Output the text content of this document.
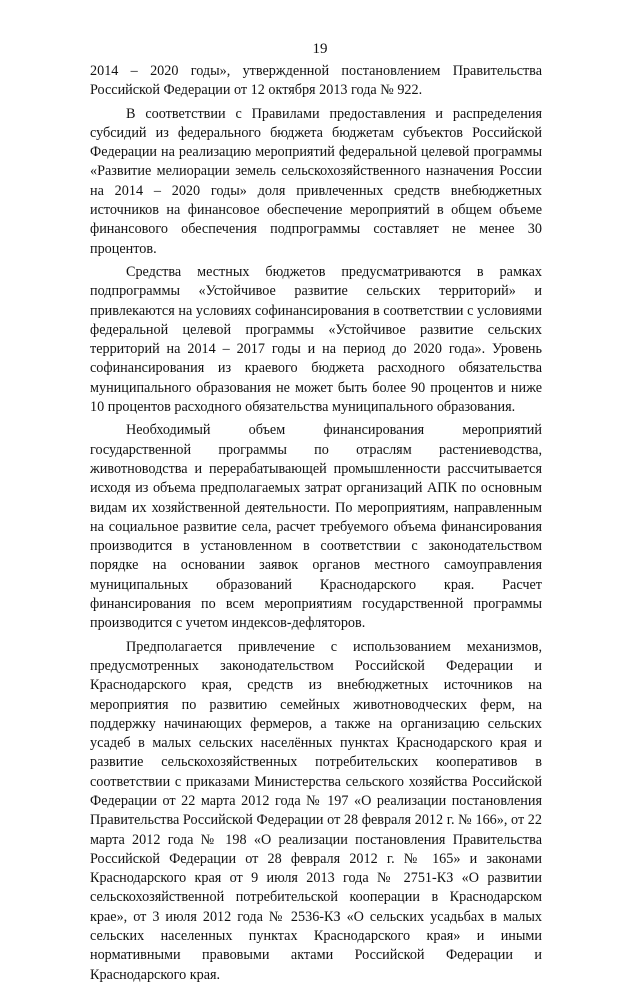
19

2014 – 2020 годы», утвержденной постановлением Правительства Российской Федерации от 12 октября 2013 года № 922.

В соответствии с Правилами предоставления и распределения субсидий из федерального бюджета бюджетам субъектов Российской Федерации на реализацию мероприятий федеральной целевой программы «Развитие мелиорации земель сельскохозяйственного назначения России на 2014 – 2020 годы» доля привлеченных средств внебюджетных источников на финансовое обеспечение мероприятий в общем объеме финансового обеспечения подпрограммы составляет не менее 30 процентов.

Средства местных бюджетов предусматриваются в рамках подпрограммы «Устойчивое развитие сельских территорий» и привлекаются на условиях софинансирования в соответствии с условиями федеральной целевой программы «Устойчивое развитие сельских территорий на 2014 – 2017 годы и на период до 2020 года». Уровень софинансирования из краевого бюджета расходного обязательства муниципального образования не может быть более 90 процентов и ниже 10 процентов расходного обязательства муниципального образования.

Необходимый объем финансирования мероприятий государственной программы по отраслям растениеводства, животноводства и перерабатывающей промышленности рассчитывается исходя из объема предполагаемых затрат организаций АПК по основным видам их хозяйственной деятельности. По мероприятиям, направленным на социальное развитие села, расчет требуемого объема финансирования производится в установленном в соответствии с законодательством порядке на основании заявок органов местного самоуправления муниципальных образований Краснодарского края. Расчет финансирования по всем мероприятиям государственной программы производится с учетом индексов-дефляторов.

Предполагается привлечение с использованием механизмов, предусмотренных законодательством Российской Федерации и Краснодарского края, средств из внебюджетных источников на мероприятия по развитию семейных животноводческих ферм, на поддержку начинающих фермеров, а также на организацию сельских усадеб в малых сельских населённых пунктах Краснодарского края и развитие сельскохозяйственных потребительских кооперативов в соответствии с приказами Министерства сельского хозяйства Российской Федерации от 22 марта 2012 года № 197 «О реализации постановления Правительства Российской Федерации от 28 февраля 2012 г. № 166», от 22 марта 2012 года № 198 «О реализации постановления Правительства Российской Федерации от 28 февраля 2012 г. № 165» и законами Краснодарского края от 9 июля 2013 года № 2751-КЗ «О развитии сельскохозяйственной потребительской кооперации в Краснодарском крае», от 3 июля 2012 года № 2536-КЗ «О сельских усадьбах в малых сельских населенных пунктах Краснодарского края» и иными нормативными правовыми актами Российской Федерации и Краснодарского края.
